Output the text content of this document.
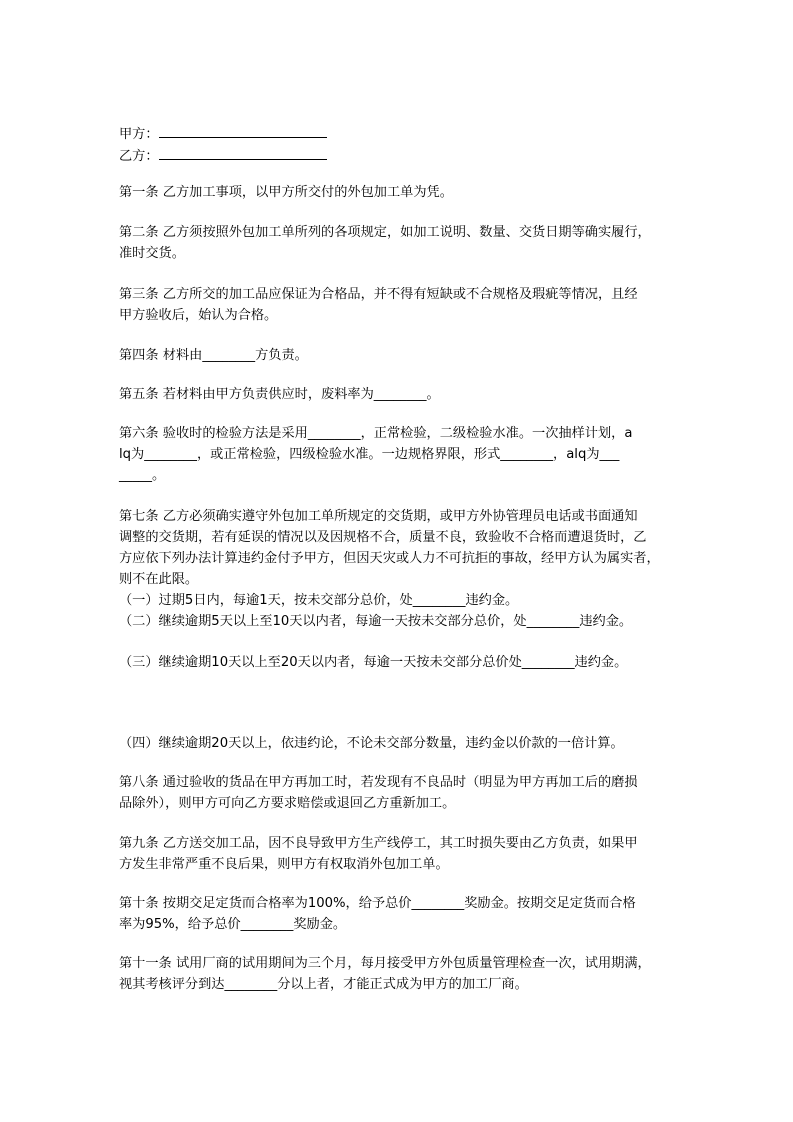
甲方：
乙方：
第一条 乙方加工事项，以甲方所交付的外包加工单为凭。
第二条 乙方须按照外包加工单所列的各项规定，如加工说明、数量、交货日期等确实履行，
准时交货。
第三条 乙方所交的加工品应保证为合格品，并不得有短缺或不合规格及瑕疵等情况，且经
甲方验收后，始认为合格。
第四条 材料由________方负责。
第五条 若材料由甲方负责供应时，废料率为________。
第六条 验收时的检验方法是采用________，正常检验，二级检验水准。一次抽样计划，a
lq为________，或正常检验，四级检验水准。一边规格界限，形式________，alq为___
_____。
第七条 乙方必须确实遵守外包加工单所规定的交货期，或甲方外协管理员电话或书面通知
调整的交货期，若有延误的情况以及因规格不合，质量不良，致验收不合格而遭退货时，乙
方应依下列办法计算违约金付予甲方，但因天灾或人力不可抗拒的事故，经甲方认为属实者，
则不在此限。
（一）过期5日内，每逾1天，按未交部分总价，处________违约金。
（二）继续逾期5天以上至10天以内者，每逾一天按未交部分总价，处________违约金。
（三）继续逾期10天以上至20天以内者，每逾一天按未交部分总价处________违约金。
（四）继续逾期20天以上，依违约论，不论未交部分数量，违约金以价款的一倍计算。
第八条 通过验收的货品在甲方再加工时，若发现有不良品时（明显为甲方再加工后的磨损
品除外），则甲方可向乙方要求赔偿或退回乙方重新加工。
第九条 乙方送交加工品，因不良导致甲方生产线停工，其工时损失要由乙方负责，如果甲
方发生非常严重不良后果，则甲方有权取消外包加工单。
第十条 按期交足定货而合格率为100%，给予总价________奖励金。按期交足定货而合格
率为95%，给予总价________奖励金。
第十一条 试用厂商的试用期间为三个月，每月接受甲方外包质量管理检查一次，试用期满，
视其考核评分到达________分以上者，才能正式成为甲方的加工厂商。
